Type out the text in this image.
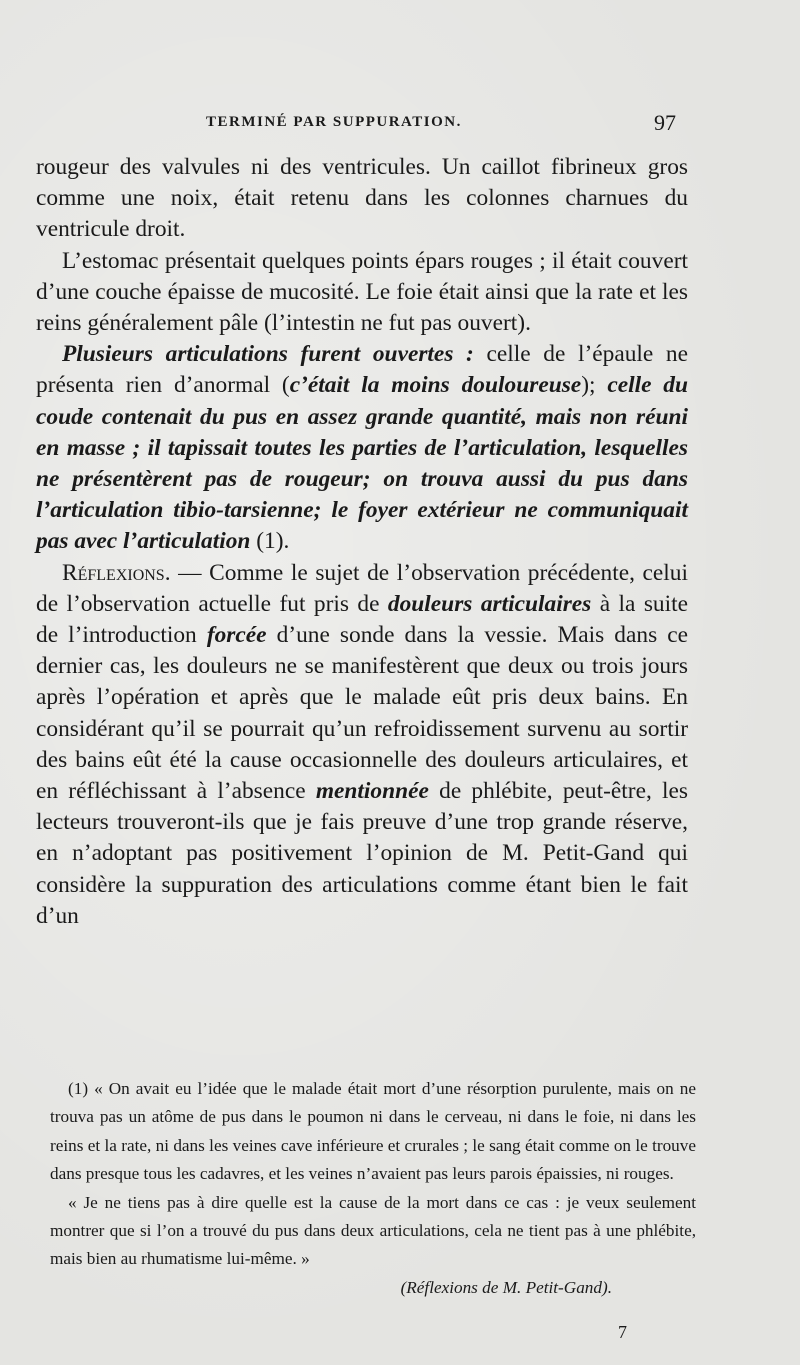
TERMINÉ PAR SUPPURATION.	97

rougeur des valvules ni des ventricules. Un caillot fibrineux gros comme une noix, était retenu dans les colonnes charnues du ventricule droit.

L’estomac présentait quelques points épars rouges ; il était couvert d’une couche épaisse de mucosité. Le foie était ainsi que la rate et les reins généralement pâle (l’intestin ne fut pas ouvert).

Plusieurs articulations furent ouvertes : celle de l’épaule ne présenta rien d’anormal (c’était la moins douloureuse); celle du coude contenait du pus en assez grande quantité, mais non réuni en masse ; il tapissait toutes les parties de l’articulation, lesquelles ne présentèrent pas de rougeur; on trouva aussi du pus dans l’articulation tibio-tarsienne; le foyer extérieur ne communiquait pas avec l’articulation (1).

Réflexions. — Comme le sujet de l’observation précédente, celui de l’observation actuelle fut pris de douleurs articulaires à la suite de l’introduction forcée d’une sonde dans la vessie. Mais dans ce dernier cas, les douleurs ne se manifestèrent que deux ou trois jours après l’opération et après que le malade eût pris deux bains. En considérant qu’il se pourrait qu’un refroidissement survenu au sortir des bains eût été la cause occasionnelle des douleurs articulaires, et en réfléchissant à l’absence mentionnée de phlébite, peut-être, les lecteurs trouveront-ils que je fais preuve d’une trop grande réserve, en n’adoptant pas positivement l’opinion de M. Petit-Gand qui considère la suppuration des articulations comme étant bien le fait d’un

(1) « On avait eu l’idée que le malade était mort d’une résorption purulente, mais on ne trouva pas un atôme de pus dans le poumon ni dans le cerveau, ni dans le foie, ni dans les reins et la rate, ni dans les veines cave inférieure et crurales ; le sang était comme on le trouve dans presque tous les cadavres, et les veines n’avaient pas leurs parois épaissies, ni rouges.

« Je ne tiens pas à dire quelle est la cause de la mort dans ce cas : je veux seulement montrer que si l’on a trouvé du pus dans deux articulations, cela ne tient pas à une phlébite, mais bien au rhumatisme lui-même. »

(Réflexions de M. Petit-Gand).

7
